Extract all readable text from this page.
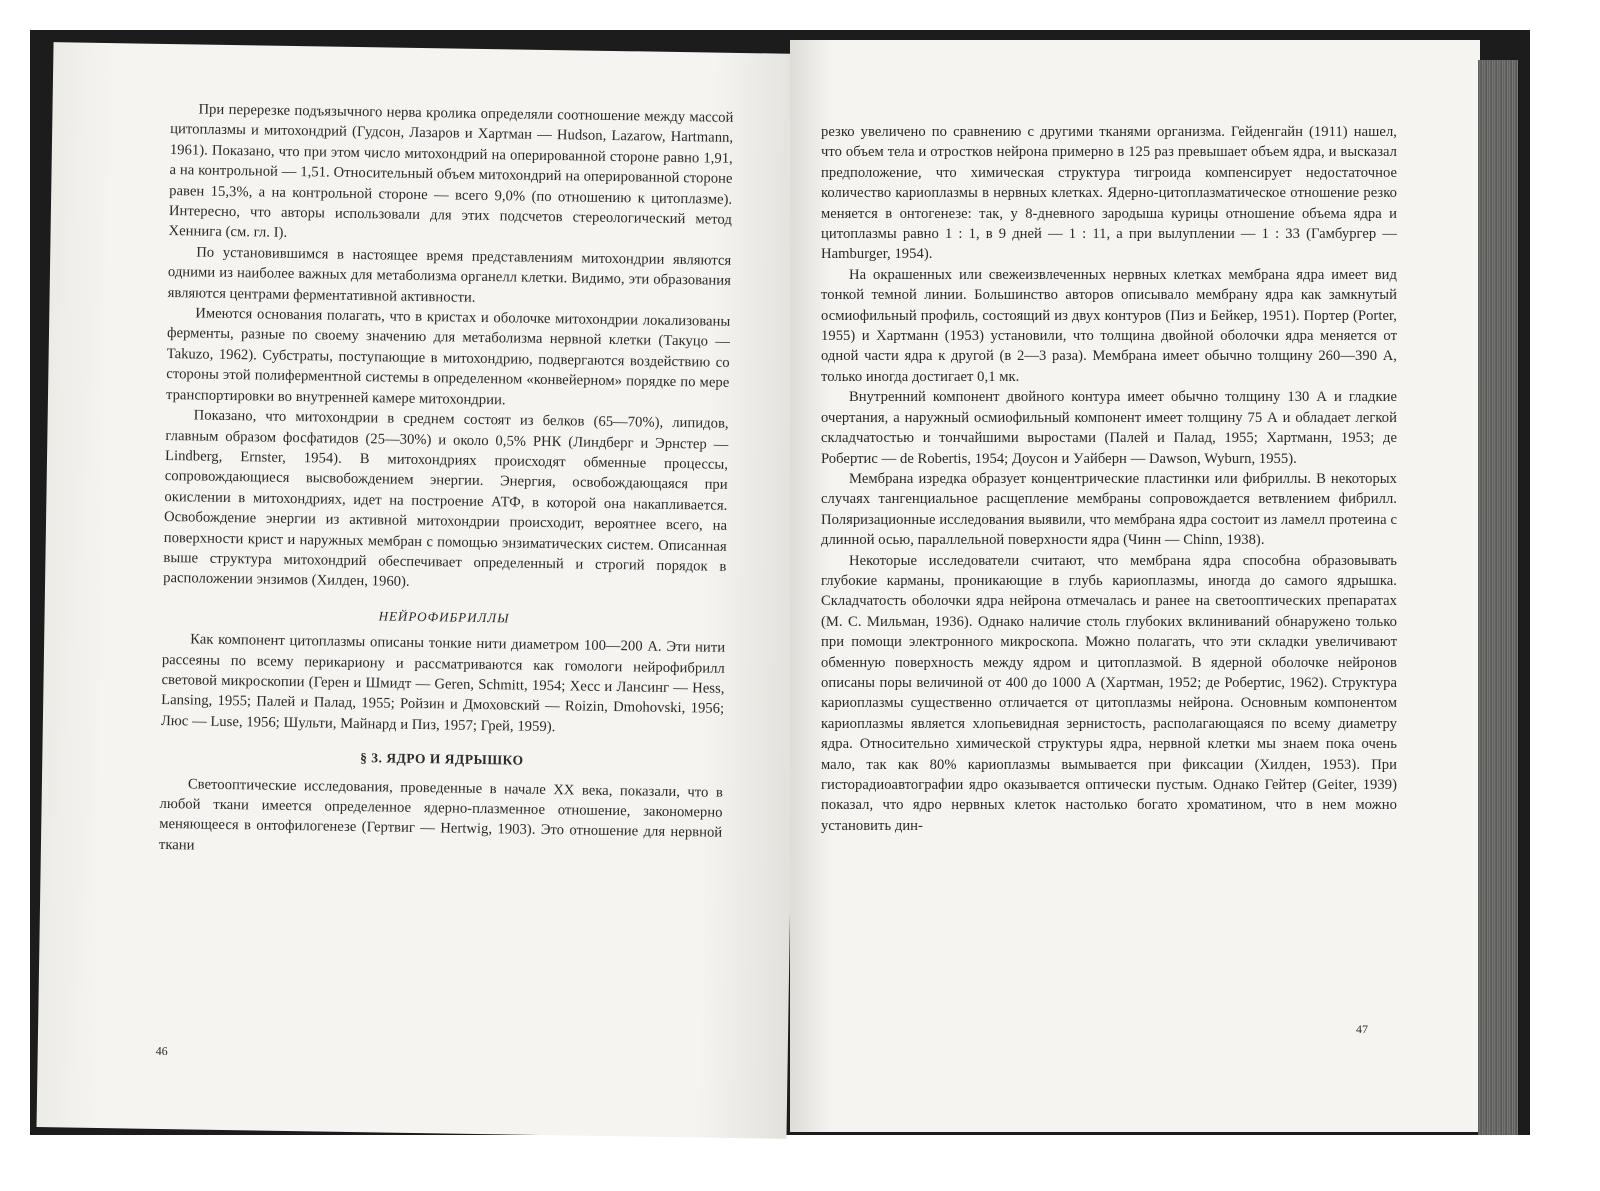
При перерезке подъязычного нерва кролика определяли соотношение между массой цитоплазмы и митохондрий (Гудсон, Лазаров и Хартман — Hudson, Lazarow, Hartmann, 1961). Показано, что при этом число митохондрий на оперированной стороне равно 1,91, а на контрольной — 1,51. Относительный объем митохондрий на оперированной стороне равен 15,3%, а на контрольной стороне — всего 9,0% (по отношению к цитоплазме). Интересно, что авторы использовали для этих подсчетов стереологический метод Хеннига (см. гл. I).

По установившимся в настоящее время представлениям митохондрии являются одними из наиболее важных для метаболизма органелл клетки. Видимо, эти образования являются центрами ферментативной активности.

Имеются основания полагать, что в кристах и оболочке митохондрии локализованы ферменты, разные по своему значению для метаболизма нервной клетки (Такуцо — Takuzo, 1962). Субстраты, поступающие в митохондрию, подвергаются воздействию со стороны этой полиферментной системы в определенном «конвейерном» порядке по мере транспортировки во внутренней камере митохондрии.

Показано, что митохондрии в среднем состоят из белков (65—70%), липидов, главным образом фосфатидов (25—30%) и около 0,5% РНК (Линдберг и Эрнстер — Lindberg, Ernster, 1954). В митохондриях происходят обменные процессы, сопровождающиеся высвобождением энергии. Энергия, освобождающаяся при окислении в митохондриях, идет на построение АТФ, в которой она накапливается. Освобождение энергии из активной митохондрии происходит, вероятнее всего, на поверхности крист и наружных мембран с помощью энзиматических систем. Описанная выше структура митохондрий обеспечивает определенный и строгий порядок в расположении энзимов (Хилден, 1960).

НЕЙРОФИБРИЛЛЫ

Как компонент цитоплазмы описаны тонкие нити диаметром 100—200 А. Эти нити рассеяны по всему перикариону и рассматриваются как гомологи нейрофибрилл световой микроскопии (Герен и Шмидт — Geren, Schmitt, 1954; Хесс и Лансинг — Hess, Lansing, 1955; Палей и Палад, 1955; Ройзин и Дмоховский — Roizin, Dmohovski, 1956; Люс — Luse, 1956; Шульти, Майнард и Пиз, 1957; Грей, 1959).

§ 3. ЯДРО И ЯДРЫШКО

Светооптические исследования, проведенные в начале XX века, показали, что в любой ткани имеется определенное ядерно-плазменное отношение, закономерно меняющееся в онтофилогенезе (Гертвиг — Hertwig, 1903). Это отношение для нервной ткани

46

резко увеличено по сравнению с другими тканями организма. Гейденгайн (1911) нашел, что объем тела и отростков нейрона примерно в 125 раз превышает объем ядра, и высказал предположение, что химическая структура тигроида компенсирует недостаточное количество кариоплазмы в нервных клетках. Ядерно-цитоплазматическое отношение резко меняется в онтогенезе: так, у 8-дневного зародыша курицы отношение объема ядра и цитоплазмы равно 1 : 1, в 9 дней — 1 : 11, а при вылуплении — 1 : 33 (Гамбургер — Hamburger, 1954).

На окрашенных или свежеизвлеченных нервных клетках мембрана ядра имеет вид тонкой темной линии. Большинство авторов описывало мембрану ядра как замкнутый осмиофильный профиль, состоящий из двух контуров (Пиз и Бейкер, 1951). Портер (Porter, 1955) и Хартманн (1953) установили, что толщина двойной оболочки ядра меняется от одной части ядра к другой (в 2—3 раза). Мембрана имеет обычно толщину 260—390 А, только иногда достигает 0,1 мк.

Внутренний компонент двойного контура имеет обычно толщину 130 А и гладкие очертания, а наружный осмиофильный компонент имеет толщину 75 А и обладает легкой складчатостью и тончайшими выростами (Палей и Палад, 1955; Хартманн, 1953; де Робертис — de Robertis, 1954; Доусон и Уайберн — Dawson, Wyburn, 1955).

Мембрана изредка образует концентрические пластинки или фибриллы. В некоторых случаях тангенциальное расщепление мембраны сопровождается ветвлением фибрилл. Поляризационные исследования выявили, что мембрана ядра состоит из ламелл протеина с длинной осью, параллельной поверхности ядра (Чинн — Chinn, 1938).

Некоторые исследователи считают, что мембрана ядра способна образовывать глубокие карманы, проникающие в глубь кариоплазмы, иногда до самого ядрышка. Складчатость оболочки ядра нейрона отмечалась и ранее на светооптических препаратах (М. С. Мильман, 1936). Однако наличие столь глубоких вклиниваний обнаружено только при помощи электронного микроскопа. Можно полагать, что эти складки увеличивают обменную поверхность между ядром и цитоплазмой. В ядерной оболочке нейронов описаны поры величиной от 400 до 1000 А (Хартман, 1952; де Робертис, 1962). Структура кариоплазмы существенно отличается от цитоплазмы нейрона. Основным компонентом кариоплазмы является хлопьевидная зернистость, располагающаяся по всему диаметру ядра. Относительно химической структуры ядра, нервной клетки мы знаем пока очень мало, так как 80% кариоплазмы вымывается при фиксации (Хилден, 1953). При гисторадиоавтографии ядро оказывается оптически пустым. Однако Гейтер (Geiter, 1939) показал, что ядро нервных клеток настолько богато хроматином, что в нем можно установить дин-

47
